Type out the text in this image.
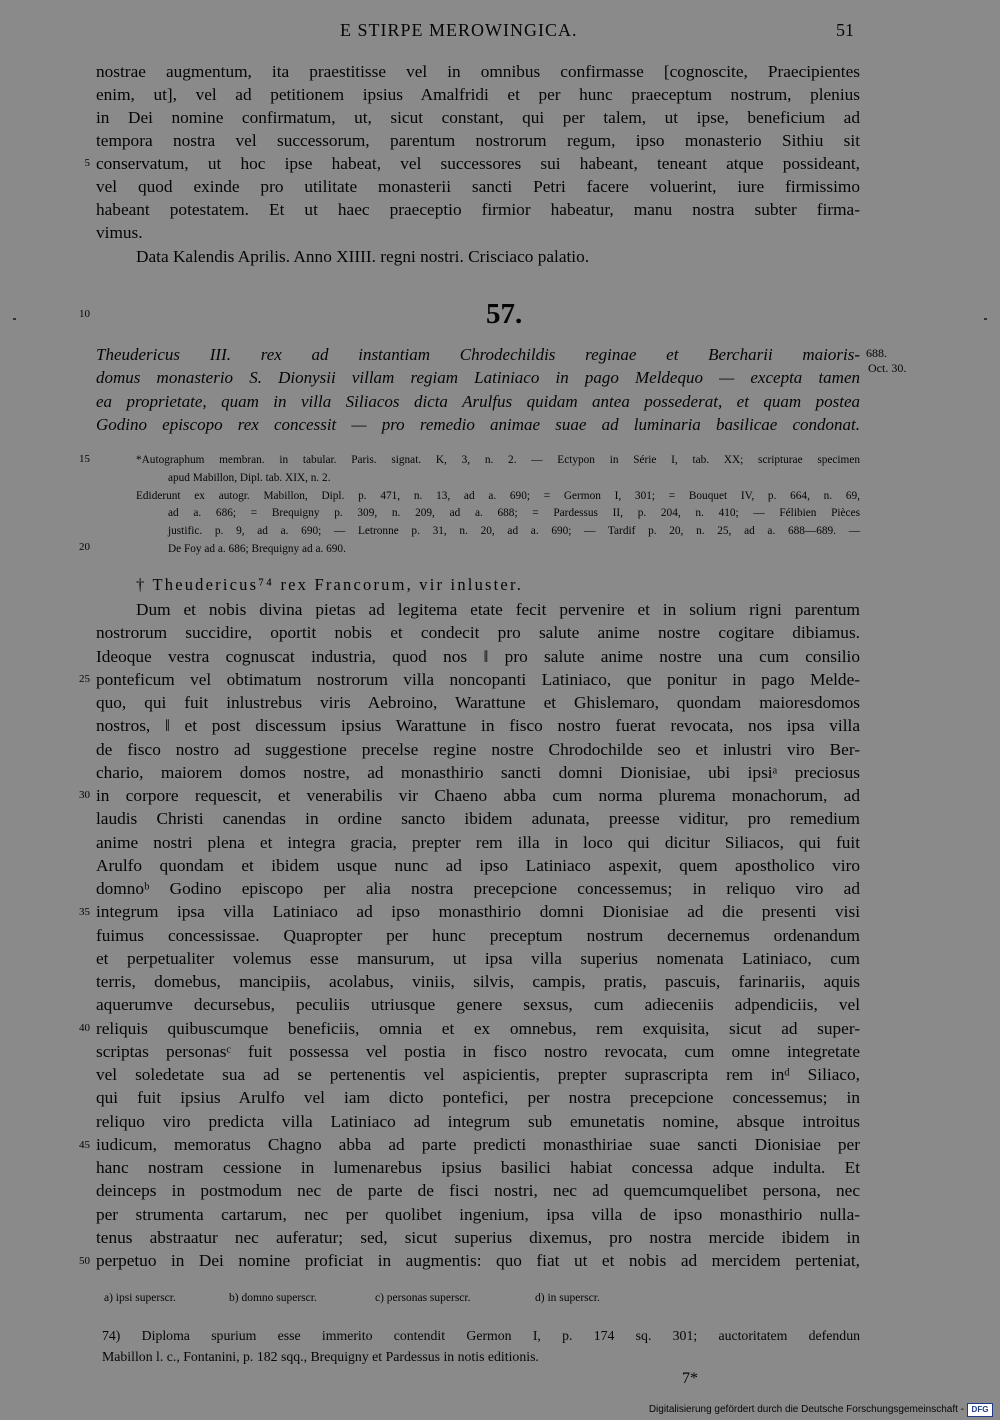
E STIRPE MEROWINGICA.	51
nostrae augmentum, ita praestitisse vel in omnibus confirmasse [cognoscite, Praecipientes
enim, ut], vel ad petitionem ipsius Amalfridi et per hunc praeceptum nostrum, plenius
in Dei nomine confirmatum, ut, sicut constant, qui per talem, ut ipse, beneficium ad
tempora nostra vel successorum, parentum nostrorum regum, ipso monasterio Sithiu sit
conservatum, ut hoc ipse habeat, vel successores sui habeant, teneant atque possideant,
vel quod exinde pro utilitate monasterii sancti Petri facere voluerint, iure firmissimo
habeant potestatem. Et ut haec praeceptio firmior habeatur, manu nostra subter firma-
vimus.
Data Kalendis Aprilis. Anno XIIII. regni nostri. Crisciaco palatio.
5
10
15
20
25
30
35
40
45
50
57.
Theudericus III. rex ad instantiam Chrodechildis reginae et Bercharii maioris-
domus monasterio S. Dionysii villam regiam Latiniaco in pago Meldequo — excepta tamen
ea proprietate, quam in villa Siliacos dicta Arulfus quidam antea possederat, et quam postea
Godino episcopo rex concessit — pro remedio animae suae ad luminaria basilicae condonat.
688.
Oct. 30.
*Autographum membran. in tabular. Paris. signat. K, 3, n. 2. — Ectypon in Série I, tab. XX; scripturae specimen
apud Mabillon, Dipl. tab. XIX, n. 2.
Ediderunt ex autogr. Mabillon, Dipl. p. 471, n. 13, ad a. 690; = Germon I, 301; = Bouquet IV, p. 664, n. 69,
ad a. 686; = Brequigny p. 309, n. 209, ad a. 688; = Pardessus II, p. 204, n. 410; — Félibien Pièces
justific. p. 9, ad a. 690; — Letronne p. 31, n. 20, ad a. 690; — Tardif p. 20, n. 25, ad a. 688—689. —
De Foy ad a. 686; Brequigny ad a. 690.
† Theudericus⁷⁴ rex Francorum, vir inluster.
Dum et nobis divina pietas ad legitema etate fecit pervenire et in solium rigni parentum
nostrorum succidire, oportit nobis et condecit pro salute anime nostre cogitare dibiamus.
Ideoque vestra cognuscat industria, quod nos ‖ pro salute anime nostre una cum consilio
ponteficum vel obtimatum nostrorum villa noncopanti Latiniaco, que ponitur in pago Melde-
quo, qui fuit inlustrebus viris Aebroino, Warattune et Ghislemaro, quondam maioresdomos
nostros, ‖ et post discessum ipsius Warattune in fisco nostro fuerat revocata, nos ipsa villa
de fisco nostro ad suggestione precelse regine nostre Chrodochilde seo et inlustri viro Ber-
chario, maiorem domos nostre, ad monasthirio sancti domni Dionisiae, ubi ipsiᵃ preciosus
in corpore requescit, et venerabilis vir Chaeno abba cum norma plurema monachorum, ad
laudis Christi canendas in ordine sancto ibidem adunata, preesse viditur, pro remedium
anime nostri plena et integra gracia, prepter rem illa in loco qui dicitur Siliacos, qui fuit
Arulfo quondam et ibidem usque nunc ad ipso Latiniaco aspexit, quem apostholico viro
domnoᵇ Godino episcopo per alia nostra precepcione concessemus; in reliquo viro ad
integrum ipsa villa Latiniaco ad ipso monasthirio domni Dionisiae ad die presenti visi
fuimus concessissae. Quapropter per hunc preceptum nostrum decernemus ordenandum
et perpetualiter volemus esse mansurum, ut ipsa villa superius nomenata Latiniaco, cum
terris, domebus, mancipiis, acolabus, viniis, silvis, campis, pratis, pascuis, farinariis, aquis
aquerumve decursebus, peculiis utriusque genere sexsus, cum adieceniis adpendiciis, vel
reliquis quibuscumque beneficiis, omnia et ex omnebus, rem exquisita, sicut ad super-
scriptas personasᶜ fuit possessa vel postia in fisco nostro revocata, cum omne integretate
vel soledetate sua ad se pertenentis vel aspicientis, prepter suprascripta rem inᵈ Siliaco,
qui fuit ipsius Arulfo vel iam dicto pontefici, per nostra precepcione concessemus; in
reliquo viro predicta villa Latiniaco ad integrum sub emunetatis nomine, absque introitus
iudicum, memoratus Chagno abba ad parte predicti monasthiriae suae sancti Dionisiae per
hanc nostram cessione in lumenarebus ipsius basilici habiat concessa adque indulta. Et
deinceps in postmodum nec de parte de fisci nostri, nec ad quemcumquelibet persona, nec
per strumenta cartarum, nec per quolibet ingenium, ipsa villa de ipso monasthirio nulla-
tenus abstraatur nec auferatur; sed, sicut superius dixemus, pro nostra mercide ibidem in
perpetuo in Dei nomine proficiat in augmentis: quo fiat ut et nobis ad mercidem perteniat,
a) ipsi superscr.	b) domno superscr.	c) personas superscr.	d) in superscr.
74) Diploma spurium esse immerito contendit Germon I, p. 174 sq. 301; auctoritatem defendun
Mabillon l. c., Fontanini, p. 182 sqq., Brequigny et Pardessus in notis editionis.
7*
Digitalisierung gefördert durch die Deutsche Forschungsgemeinschaft - DFG
